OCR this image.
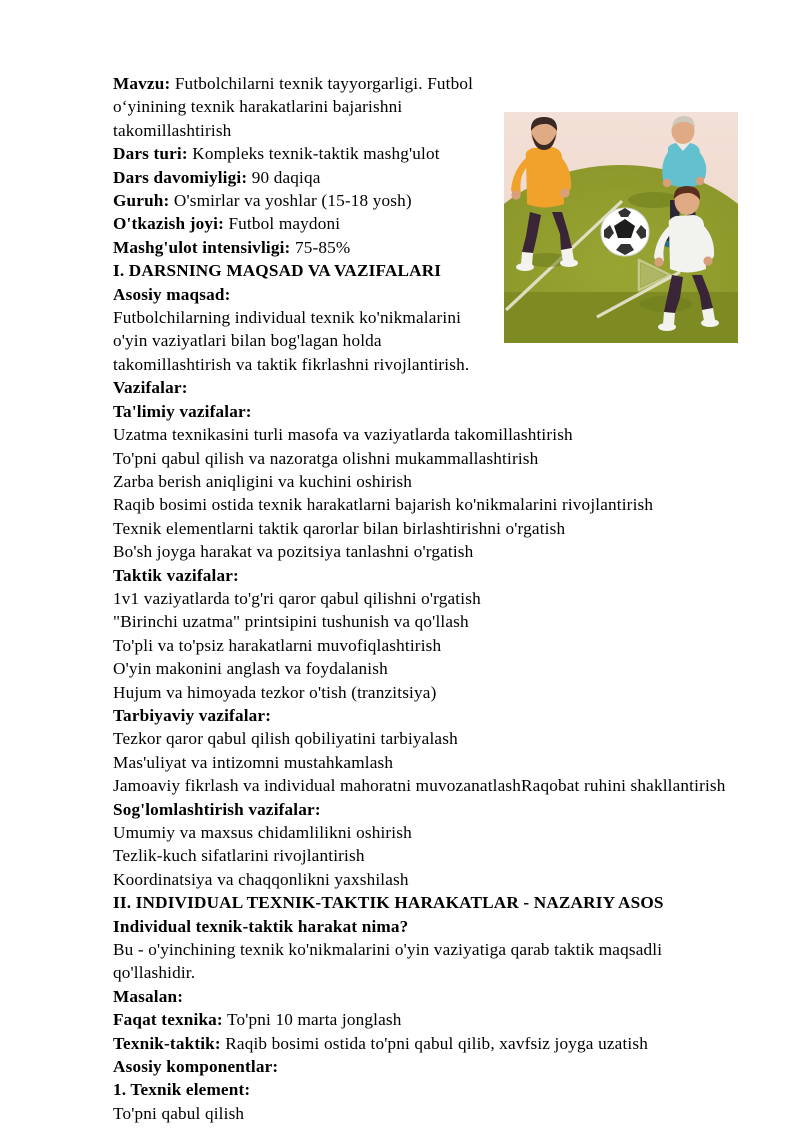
Mavzu: Futbolchilarni texnik tayyorgarligi. Futbol oʻyinining texnik harakatlarini bajarishni takomillashtirish

Dars turi: Kompleks texnik-taktik mashg'ulot

Dars davomiyligi: 90 daqiqa

Guruh: O'smirlar va yoshlar (15-18 yosh)

O'tkazish joyi: Futbol maydoni

Mashg'ulot intensivligi: 75-85%

I. DARSNING MAQSAD VA VAZIFALARI

Asosiy maqsad:

Futbolchilarning individual texnik ko'nikmalarini o'yin vaziyatlari bilan bog'lagan holda takomillashtirish va taktik fikrlashni rivojlantirish.

Vazifalar:

Ta'limiy vazifalar:

Uzatma texnikasini turli masofa va vaziyatlarda takomillashtirish

To'pni qabul qilish va nazoratga olishni mukammallashtirish

Zarba berish aniqligini va kuchini oshirish

Raqib bosimi ostida texnik harakatlarni bajarish ko'nikmalarini rivojlantirish

Texnik elementlarni taktik qarorlar bilan birlashtirishni o'rgatish

Bo'sh joyga harakat va pozitsiya tanlashni o'rgatish

Taktik vazifalar:

1v1 vaziyatlarda to'g'ri qaror qabul qilishni o'rgatish

"Birinchi uzatma" printsipini tushunish va qo'llash

To'pli va to'psiz harakatlarni muvofiqlashtirish

O'yin makonini anglash va foydalanish

Hujum va himoyada tezkor o'tish (tranzitsiya)

Tarbiyaviy vazifalar:

Tezkor qaror qabul qilish qobiliyatini tarbiyalash

Mas'uliyat va intizomni mustahkamlash

Jamoaviy fikrlash va individual mahoratni muvozanatlashRaqobat ruhini shakllantirish

Sog'lomlashtirish vazifalar:

Umumiy va maxsus chidamlilikni oshirish

Tezlik-kuch sifatlarini rivojlantirish

Koordinatsiya va chaqqonlikni yaxshilash

II. INDIVIDUAL TEXNIK-TAKTIK HARAKATLAR - NAZARIY ASOS

Individual texnik-taktik harakat nima?

Bu - o'yinchining texnik ko'nikmalarini o'yin vaziyatiga qarab taktik maqsadli qo'llashidir.

Masalan:

Faqat texnika: To'pni 10 marta jonglash

Texnik-taktik: Raqib bosimi ostida to'pni qabul qilib, xavfsiz joyga uzatish

Asosiy komponentlar:

1. Texnik element:

To'pni qabul qilish
